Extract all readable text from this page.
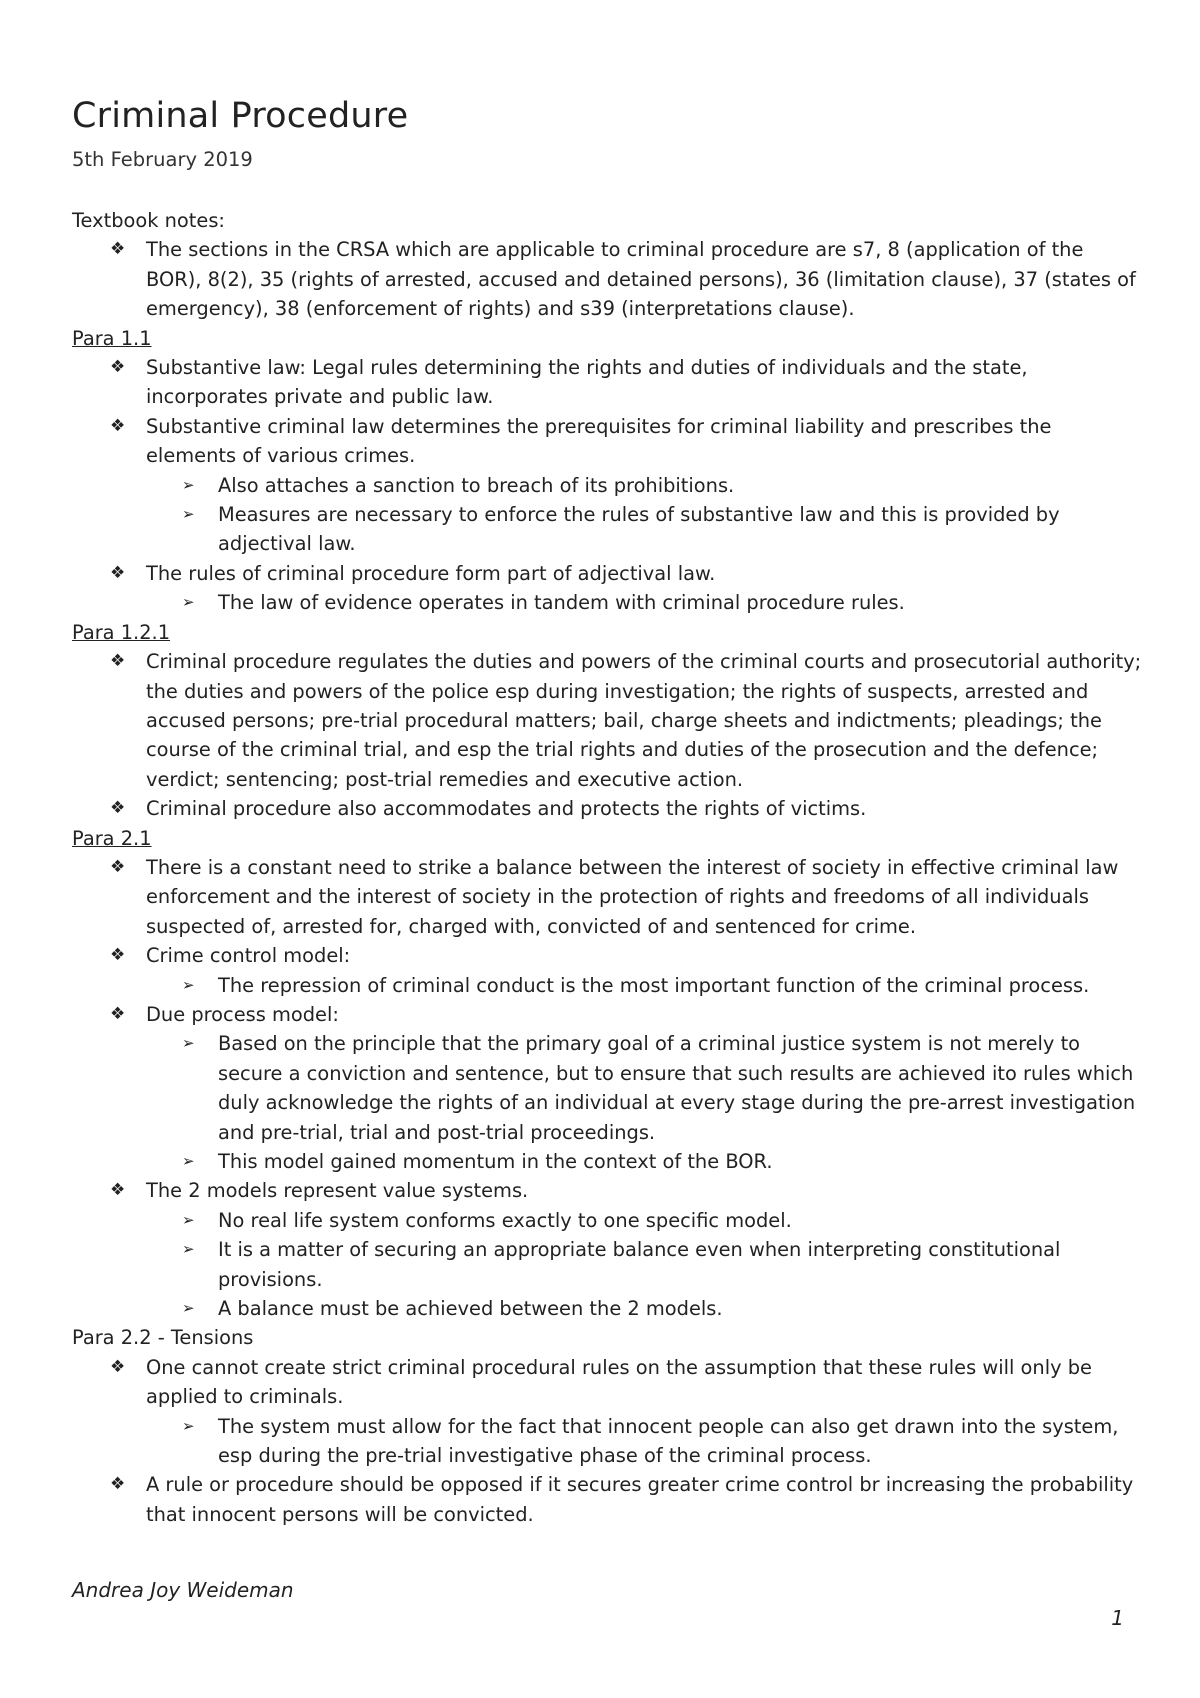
Criminal Procedure
5th February 2019
Textbook notes:
❖ The sections in the CRSA which are applicable to criminal procedure are s7, 8 (application of the BOR), 8(2), 35 (rights of arrested, accused and detained persons), 36 (limitation clause), 37 (states of emergency), 38 (enforcement of rights) and s39 (interpretations clause).
Para 1.1
❖ Substantive law: Legal rules determining the rights and duties of individuals and the state, incorporates private and public law.
❖ Substantive criminal law determines the prerequisites for criminal liability and prescribes the elements of various crimes.
➢ Also attaches a sanction to breach of its prohibitions.
➢ Measures are necessary to enforce the rules of substantive law and this is provided by adjectival law.
❖ The rules of criminal procedure form part of adjectival law.
➢ The law of evidence operates in tandem with criminal procedure rules.
Para 1.2.1
❖ Criminal procedure regulates the duties and powers of the criminal courts and prosecutorial authority; the duties and powers of the police esp during investigation; the rights of suspects, arrested and accused persons; pre-trial procedural matters; bail, charge sheets and indictments; pleadings; the course of the criminal trial, and esp the trial rights and duties of the prosecution and the defence; verdict; sentencing; post-trial remedies and executive action.
❖ Criminal procedure also accommodates and protects the rights of victims.
Para 2.1
❖ There is a constant need to strike a balance between the interest of society in effective criminal law enforcement and the interest of society in the protection of rights and freedoms of all individuals suspected of, arrested for, charged with, convicted of and sentenced for crime.
❖ Crime control model:
➢ The repression of criminal conduct is the most important function of the criminal process.
❖ Due process model:
➢ Based on the principle that the primary goal of a criminal justice system is not merely to secure a conviction and sentence, but to ensure that such results are achieved ito rules which duly acknowledge the rights of an individual at every stage during the pre-arrest investigation and pre-trial, trial and post-trial proceedings.
➢ This model gained momentum in the context of the BOR.
❖ The 2 models represent value systems.
➢ No real life system conforms exactly to one specific model.
➢ It is a matter of securing an appropriate balance even when interpreting constitutional provisions.
➢ A balance must be achieved between the 2 models.
Para 2.2 - Tensions
❖ One cannot create strict criminal procedural rules on the assumption that these rules will only be applied to criminals.
➢ The system must allow for the fact that innocent people can also get drawn into the system, esp during the pre-trial investigative phase of the criminal process.
❖ A rule or procedure should be opposed if it secures greater crime control br increasing the probability that innocent persons will be convicted.
Andrea Joy Weideman
1
